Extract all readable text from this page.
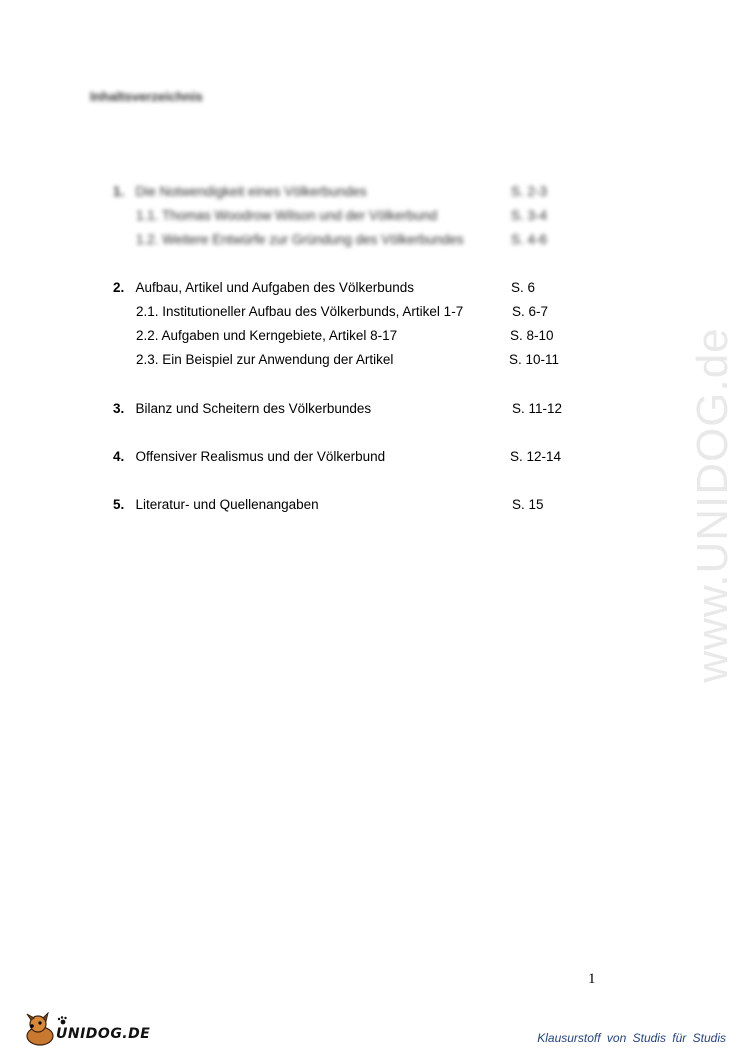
www.UNIDOG.de
Inhaltsverzeichnis
1. Die Notwendigkeit eines Völkerbundes	S. 2-3
1.1. Thomas Woodrow Wilson und der Völkerbund	S. 3-4
1.2. Weitere Entwürfe zur Gründung des Völkerbundes	S. 4-6
2. Aufbau, Artikel und Aufgaben des Völkerbunds	S. 6
2.1. Institutioneller Aufbau des Völkerbunds, Artikel 1-7	S. 6-7
2.2. Aufgaben und Kerngebiete, Artikel 8-17	S. 8-10
2.3. Ein Beispiel zur Anwendung der Artikel	S. 10-11
3. Bilanz und Scheitern des Völkerbundes	S. 11-12
4. Offensiver Realismus und der Völkerbund	S. 12-14
5. Literatur- und Quellenangaben	S. 15
1
UNIDOG.DE	Klausurstoff von Studis für Studis
